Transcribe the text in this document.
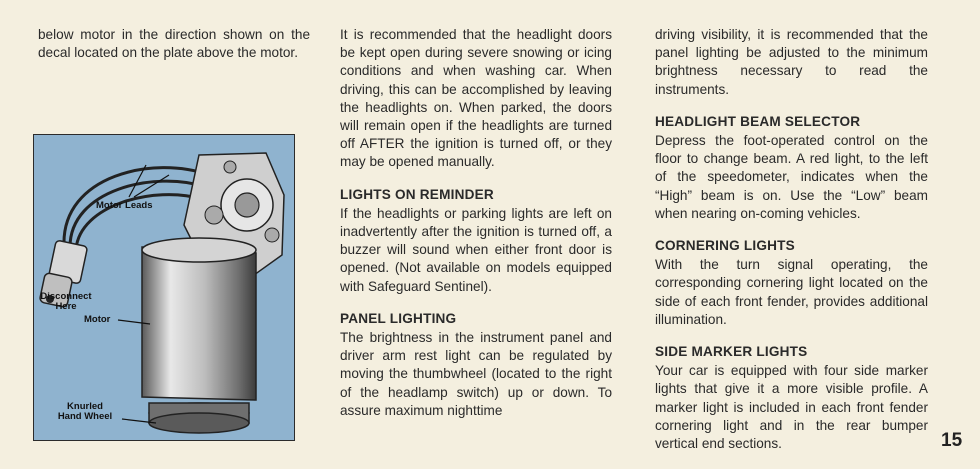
below motor in the direction shown on the decal located on the plate above the motor.

Motor Leads
Disconnect
Here
Motor
Knurled
Hand Wheel

It is recommended that the headlight doors be kept open during severe snowing or icing conditions and when washing car. When driving, this can be accomplished by leaving the headlights on. When parked, the doors will remain open if the headlights are turned off AFTER the ignition is turned off, or they may be opened manually.

LIGHTS ON REMINDER

If the headlights or parking lights are left on inadvertently after the ignition is turned off, a buzzer will sound when either front door is opened. (Not available on models equipped with Safeguard Sentinel).

PANEL LIGHTING

The brightness in the instrument panel and driver arm rest light can be regulated by moving the thumbwheel (located to the right of the headlamp switch) up or down. To assure maximum nighttime

driving visibility, it is recommended that the panel lighting be adjusted to the minimum brightness necessary to read the instruments.

HEADLIGHT BEAM SELECTOR

Depress the foot-operated control on the floor to change beam. A red light, to the left of the speedometer, indicates when the “High” beam is on. Use the “Low” beam when nearing on-coming vehicles.

CORNERING LIGHTS

With the turn signal operating, the corresponding cornering light located on the side of each front fender, provides additional illumination.

SIDE MARKER LIGHTS

Your car is equipped with four side marker lights that give it a more visible profile. A marker light is included in each front fender cornering light and in the rear bumper vertical end sections.	15
